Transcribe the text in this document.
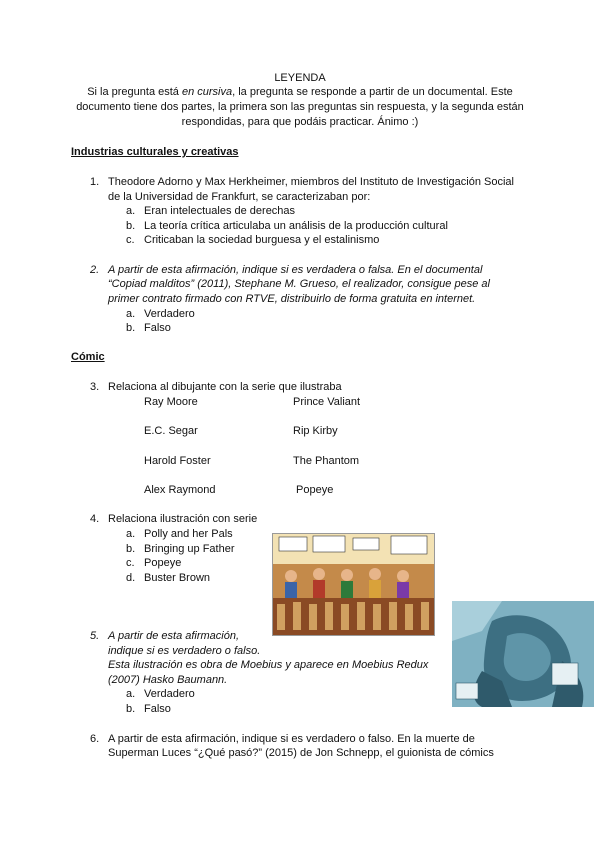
LEYENDA
Si la pregunta está en cursiva, la pregunta se responde a partir de un documental. Este
documento tiene dos partes, la primera son las preguntas sin respuesta, y la segunda están
respondidas, para que podáis practicar. Ánimo :)
Industrias culturales y creativas
1. Theodore Adorno y Max Herkheimer, miembros del Instituto de Investigación Social
de la Universidad de Frankfurt, se caracterizaban por:
a. Eran intelectuales de derechas
b. La teoría crítica articulaba un análisis de la producción cultural
c. Criticaban la sociedad burguesa y el estalinismo
2. A partir de esta afirmación, indique si es verdadera o falsa. En el documental
“Copiad malditos” (2011), Stephane M. Grueso, el realizador, consigue pese al
primer contrato firmado con RTVE, distribuirlo de forma gratuita en internet.
a. Verdadero
b. Falso
Cómic
3. Relaciona al dibujante con la serie que ilustraba
Ray Moore	Prince Valiant
E.C. Segar	Rip Kirby
Harold Foster	The Phantom
Alex Raymond	Popeye
4. Relaciona ilustración con serie
a. Polly and her Pals
b. Bringing up Father
c. Popeye
d. Buster Brown
5. A partir de esta afirmación,
indique si es verdadero o falso.
Esta ilustración es obra de Moebius y aparece en Moebius Redux
(2007) Hasko Baumann.
a. Verdadero
b. Falso
6. A partir de esta afirmación, indique si es verdadero o falso. En la muerte de
Superman Luces “¿Qué pasó?” (2015) de Jon Schnepp, el guionista de cómics
